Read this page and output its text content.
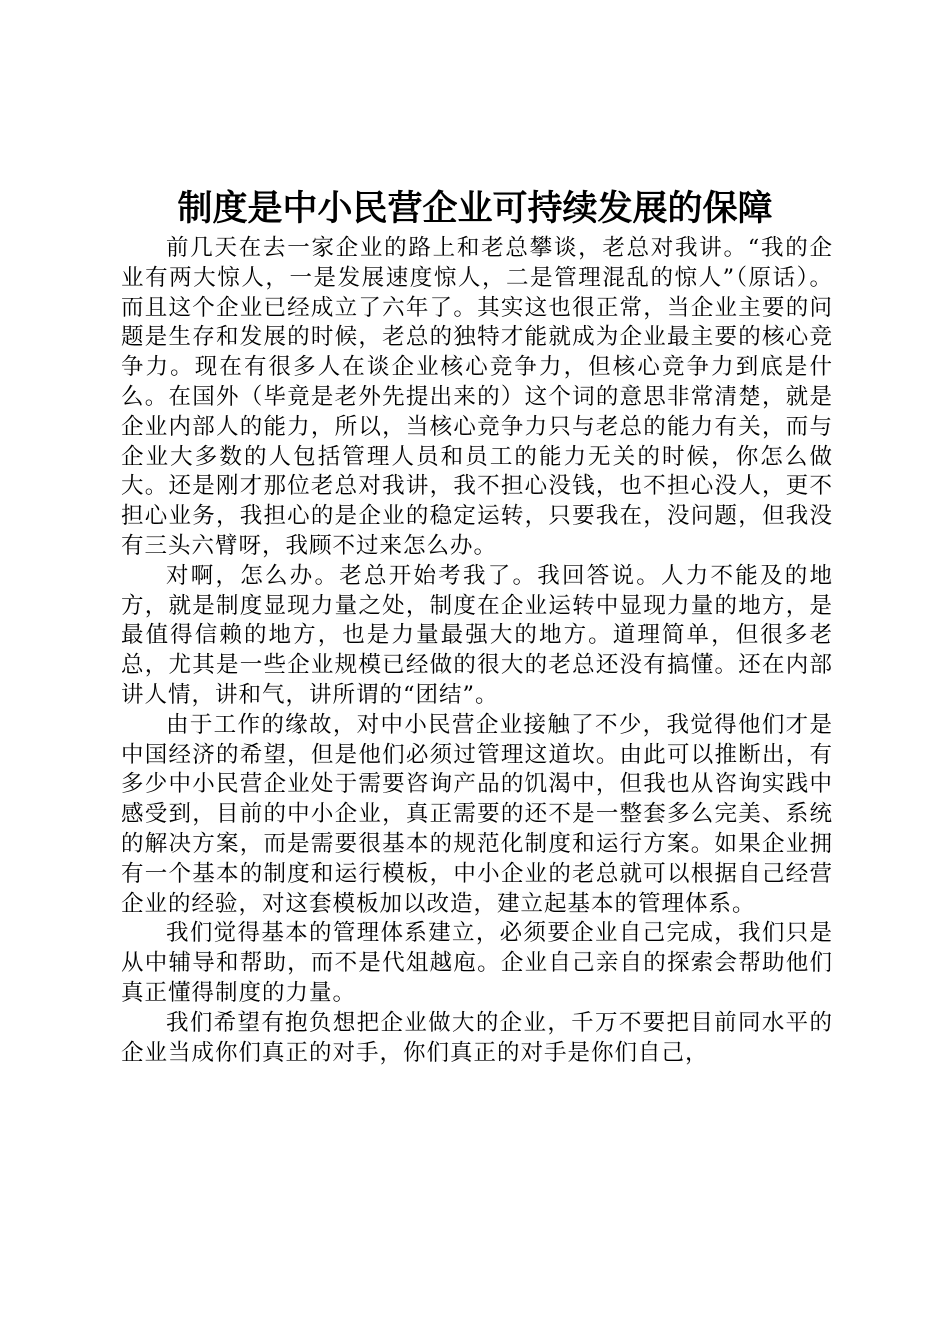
制度是中小民营企业可持续发展的保障

前几天在去一家企业的路上和老总攀谈，老总对我讲。“我的企业有两大惊人，一是发展速度惊人，二是管理混乱的惊人”（原话）。而且这个企业已经成立了六年了。其实这也很正常，当企业主要的问题是生存和发展的时候，老总的独特才能就成为企业最主要的核心竞争力。现在有很多人在谈企业核心竞争力，但核心竞争力到底是什么。在国外（毕竟是老外先提出来的）这个词的意思非常清楚，就是企业内部人的能力，所以，当核心竞争力只与老总的能力有关，而与企业大多数的人包括管理人员和员工的能力无关的时候，你怎么做大。还是刚才那位老总对我讲，我不担心没钱，也不担心没人，更不担心业务，我担心的是企业的稳定运转，只要我在，没问题，但我没有三头六臂呀，我顾不过来怎么办。

对啊，怎么办。老总开始考我了。我回答说。人力不能及的地方，就是制度显现力量之处，制度在企业运转中显现力量的地方，是最值得信赖的地方，也是力量最强大的地方。道理简单，但很多老总，尤其是一些企业规模已经做的很大的老总还没有搞懂。还在内部讲人情，讲和气，讲所谓的“团结”。

由于工作的缘故，对中小民营企业接触了不少，我觉得他们才是中国经济的希望，但是他们必须过管理这道坎。由此可以推断出，有多少中小民营企业处于需要咨询产品的饥渴中，但我也从咨询实践中感受到，目前的中小企业，真正需要的还不是一整套多么完美、系统的解决方案，而是需要很基本的规范化制度和运行方案。如果企业拥有一个基本的制度和运行模板，中小企业的老总就可以根据自己经营企业的经验，对这套模板加以改造，建立起基本的管理体系。

我们觉得基本的管理体系建立，必须要企业自己完成，我们只是从中辅导和帮助，而不是代俎越庖。企业自己亲自的探索会帮助他们真正懂得制度的力量。

我们希望有抱负想把企业做大的企业，千万不要把目前同水平的企业当成你们真正的对手，你们真正的对手是你们自己，
